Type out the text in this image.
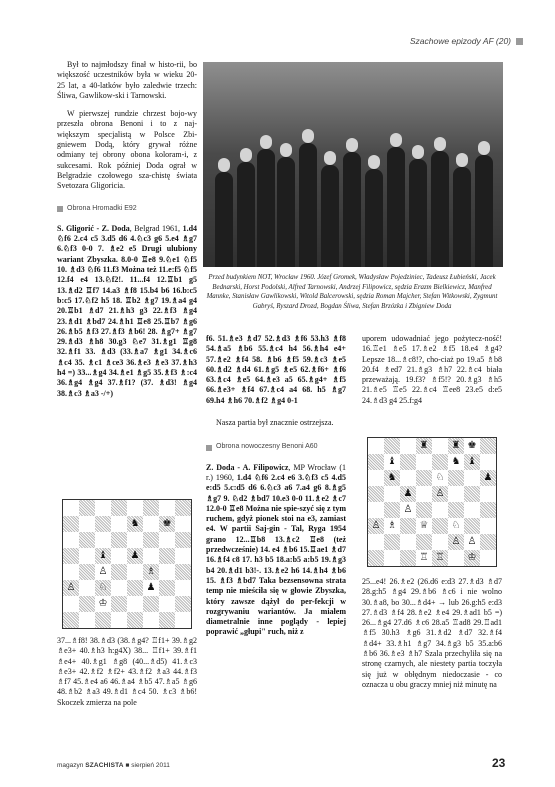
Szachowe epizody AF (20)

Był to najmłodszy finał w histo-rii, bo większość uczestników była w wieku 20-25 lat, a 40-latków było zaledwie trzech: Śliwa, Gawlikow-ski i Tarnowski.

W pierwszej rundzie chrzest bojo-wy przeszła obrona Benoni i to z naj-większym specjalistą w Polsce Zbi-gniewem Dodą, który grywał różne odmiany tej obrony obona koloram-i, z sukcesami. Rok później Doda ograł w Belgradzie czołowego sza-chistę świata Svetozara Gligoricia.

Obrona Hromadki E92

S. Gligorić - Z. Doda, Belgrad 1961, 1.d4 ♘f6 2.c4 c5 3.d5 d6 4.♘c3 g6 5.e4 ♗g7 6.♘f3 0-0 7. ♗e2 e5 Drugi ulubiony wariant Zbyszka. 8.0-0 ♖e8 9.♘e1 ♘f5 10. ♗d3 ♘f6 11.f3 Można też 11.e:f5 ♘f5 12.f4 e4 13.♘f2!. 11...f4 12.♖b1 g5 13.♗d2 ♖f7 14.a3 ♗f8 15.b4 b6 16.b:c5 b:c5 17.♘f2 h5 18. ♖b2 ♗g7 19.♗a4 g4 20.♖b1 ♗d7 21.♗h3 g3 22.♗f3 ♗g4 23.♗d1 ♗bd7 24.♗h1 ♖e8 25.♖b7 ♗g6 26.♗b5 ♗f3 27.♗f3 ♗b6! 28. ♗g7+ ♗g7 29.♗d3 ♗h8 30.g3 ♘e7 31.♗g1 ♖g8 32.♗f1 33. ♗d3 (33.♗a7 ♗g1 34.♗c6 ♗c4 35. ♗c1 ♗ce3 36.♗e3 ♗e3 37.♗h3 h4 =) 33...♗g4 34.♗e1 ♗g5 35.♗f3 ♗:c4 36.♗g4 ♗g4 37.♗f1? (37. ♗d3! ♗g4 38.♗c3 ♗a3 -/+)

♞ ♚
♝ ♟
♙	♗
♙ ♘	♟
♔

37...♗f8! 38.♗d3 (38.♗g4? ♖f1+ 39.♗g2 ♗e3+ 40.♗h3 h:g4X) 38... ♖f1+ 39.♗f1 ♗e4+ 40.♗g1 ♗g8 (40...♗d5) 41.♗c3 ♗e3+ 42.♗f2 ♗f2+ 43.♗f2 ♗a3 44.♗f3 ♗f7 45.♗e4 a6 46.♗a4 ♗b5 47.♗a5 ♗g6 48.♗b2 ♗a3 49.♗d1 ♗c4 50. ♗c3 ♗b6! Skoczek zmierza na pole

Przed budynkiem NOT, Wrocław 1960. Józef Gromek, Władysław Pojedziniec, Tadeusz Łubieński, Jacek Bednarski, Horst Podolski, Alfred Tarnowski, Andrzej Filipowicz, sędzia Erazm Bielkiewicz, Manfred Mannke, Stanisław Gawlikowski, Witold Balcerowski, sędzia Roman Majcher, Stefan Witkowski, Zygmunt Gabryś, Ryszard Drozd, Bogdan Śliwa, Stefan Brzózka i Zbigniew Doda

f6. 51.♗e3 ♗d7 52.♗d3 ♗f6 53.h3 ♗f8 54.♗a5 ♗b6 55.♗c4 h4 56.♗h4 e4+ 57.♗e2 ♗f4 58. ♗b6 ♗f5 59.♗c3 ♗e5 60.♗d2 ♗d4 61.♗g5 ♗e5 62.♗f6+ ♗f6 63.♗c4 ♗e5 64.♗e3 a5 65.♗g4+ ♗f5 66.♗e3+ ♗f4 67.♗c4 a4 68. h5 ♗g7 69.h4 ♗h6 70.♗f2 ♗g4 0-1

Nasza partia był znacznie ostrzejsza.

Obrona nowoczesny Benoni A60

Z. Doda - A. Filipowicz, MP Wrocław (1 r.) 1960, 1.d4 ♘f6 2.c4 e6 3.♘f3 c5 4.d5 e:d5 5.c:d5 d6 6.♘c3 a6 7.a4 g6 8.♗g5 ♗g7 9. ♘d2 ♗bd7 10.e3 0-0 11.♗e2 ♗c7 12.0-0 ♖e8 Można nie spie-szyć się z tym ruchem, gdyż pionek stoi na e3, zamiast e4. W partii Saj-gin - Tal, Ryga 1954 grano 12...♖b8 13.♗c2 ♖e8 (też przedwcześnie) 14. e4 ♗b6 15.♖ae1 ♗d7 16.♗f4 c8 17. h3 b5 18.a:b5 a:b5 19.♗g3 b4 20.♗d1 b3!-. 13.♗e2 h6 14.♗h4 ♗b6 15. ♗f3 ♗bd7 Taka bezsensowna strata temp nie mieściła się w głowie Zbyszka, który zawsze dążył do per-fekcji w rozgrywaniu wariantów. Ja miałem diametralnie inne poglądy - lepiej poprawić „głupi" ruch, niż z

uporem udowadniać jego pożytecz-ność! 16.♖e1 ♗e5 17.♗e2 ♗f5 18.e4 ♗g4? Lepsze 18...♗c8!?, cho-ciaż po 19.a5 ♗b8 20.f4 ♗ed7 21.♗g3 ♗h7 22.♗c4 biała przeważają. 19.f3? ♗f5!? 20.♗g3 ♗h5 21.♗e5 ♖e5 22.♗c4 ♖ee8 23.e5 d:e5 24.♗d3 g4 25.f:g4

♜ ♜ ♚
♝	♞ ♝
♞	♘	♟
♟ ♙
♙
♙ ♗ ♕ ♘
♙ ♙
♖ ♖ ♔

25...e4! 26.♗e2 (26.d6 e:d3 27.♗d3 ♗d7 28.g:h5 ♗g4 29.♗b6 ♗c6 i nie wolno 30.♗a8, bo 30...♗d4+ → lub 26.g:h5 e:d3 27.♗d3 ♗f4 28.♗e2 ♗e4 29.♗ad1 b5 =) 26...♗g4 27.d6 ♗c6 28.a5 ♖ad8 29.♖ad1 ♗f5 30.h3 ♗g6 31.♗d2 ♗d7 32.♗f4 ♗d4+ 33.♗h1 ♗g7 34.♗g3 b5 35.a:b6 ♗b6 36.♗e3 ♗h7 Szala przechyliła się na stronę czarnych, ale niestety partia toczyła się już w obłędnym niedoczasie - co oznacza u obu graczy mniej niż minutę na

magazyn SZACHISTA ■ sierpień 2011	23
